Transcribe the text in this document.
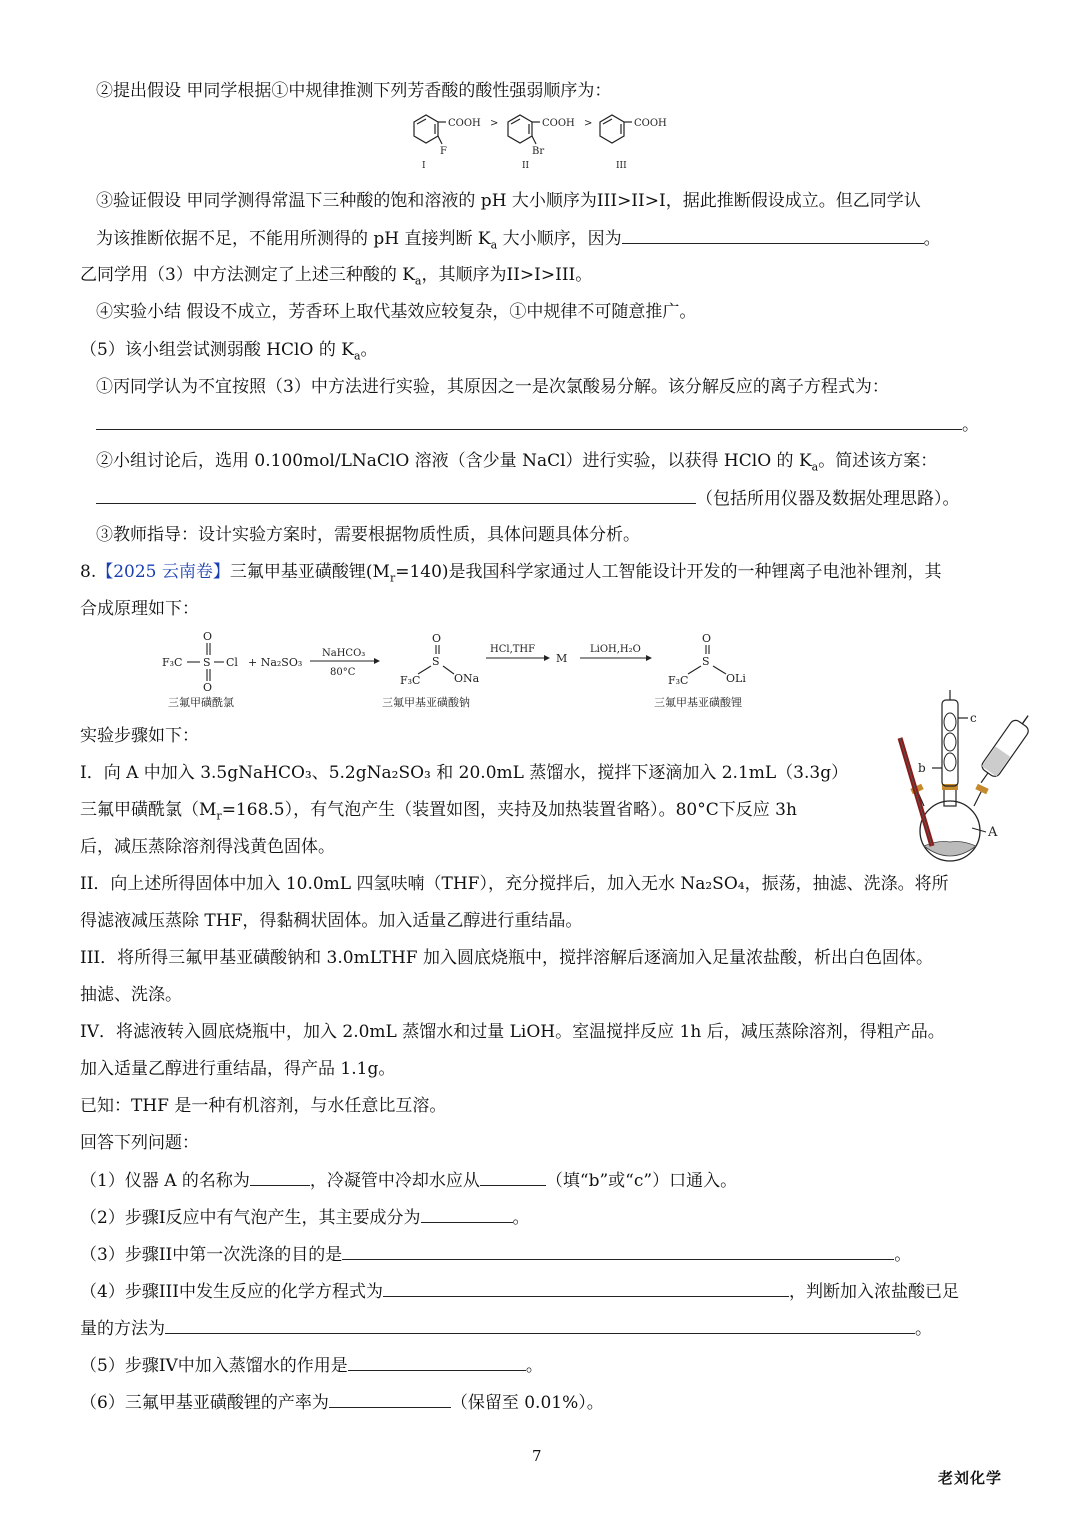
②提出假设 甲同学根据①中规律推测下列芳香酸的酸性强弱顺序为：
COOH
F
I
>	COOH
Br
II
>	COOH
III
③验证假设 甲同学测得常温下三种酸的饱和溶液的 pH 大小顺序为III>II>I，据此推断假设成立。但乙同学认
为该推断依据不足，不能用所测得的 pH 直接判断 $K_a$ 大小顺序，因为	。
乙同学用（3）中方法测定了上述三种酸的 $K_a$，其顺序为II>I>III。
④实验小结 假设不成立，芳香环上取代基效应较复杂，①中规律不可随意推广。
（5）该小组尝试测弱酸 HClO 的 $K_a$。
①丙同学认为不宜按照（3）中方法进行实验，其原因之一是次氯酸易分解。该分解反应的离子方程式为：
。
②小组讨论后，选用 0.100mol/LNaClO 溶液（含少量 NaCl）进行实验，以获得 HClO 的 $K_a$。简述该方案：
（包括所用仪器及数据处理思路）。
③教师指导：设计实验方案时，需要根据物质性质，具体问题具体分析。
8.【2025 云南卷】三氟甲基亚磺酸锂$(M_r=140)$是我国科学家通过人工智能设计开发的一种锂离子电池补锂剂，其
合成原理如下：
O
F₃C S Cl
O
三氟甲磺酰氯
+ Na₂SO₃
NaHCO₃
80°C
O
S
F₃C	ONa
三氟甲基亚磺酸钠
HCl,THF
M
LiOH,H₂O
O
S
F₃C	OLi
三氟甲基亚磺酸锂
c
b
A
实验步骤如下：
I．向 A 中加入 3.5gNaHCO₃、5.2gNa₂SO₃ 和 20.0mL 蒸馏水，搅拌下逐滴加入 2.1mL（3.3g）
三氟甲磺酰氯$(M_r=168.5)$，有气泡产生（装置如图，夹持及加热装置省略）。80°C下反应 3h
后，减压蒸除溶剂得浅黄色固体。
II．向上述所得固体中加入 10.0mL 四氢呋喃（THF），充分搅拌后，加入无水 Na₂SO₄，振荡，抽滤、洗涤。将所
得滤液减压蒸除 THF，得黏稠状固体。加入适量乙醇进行重结晶。
III．将所得三氟甲基亚磺酸钠和 3.0mLTHF 加入圆底烧瓶中，搅拌溶解后逐滴加入足量浓盐酸，析出白色固体。
抽滤、洗涤。
IV．将滤液转入圆底烧瓶中，加入 2.0mL 蒸馏水和过量 LiOH。室温搅拌反应 1h 后，减压蒸除溶剂，得粗产品。
加入适量乙醇进行重结晶，得产品 1.1g。
已知：THF 是一种有机溶剂，与水任意比互溶。
回答下列问题：
（1）仪器 A 的名称为	，冷凝管中冷却水应从	（填“b”或“c”）口通入。
（2）步骤I反应中有气泡产生，其主要成分为	。
（3）步骤II中第一次洗涤的目的是	。
（4）步骤III中发生反应的化学方程式为	，判断加入浓盐酸已足
量的方法为	。
（5）步骤IV中加入蒸馏水的作用是	。
（6）三氟甲基亚磺酸锂的产率为	（保留至 0.01%）。
7
老刘化学
